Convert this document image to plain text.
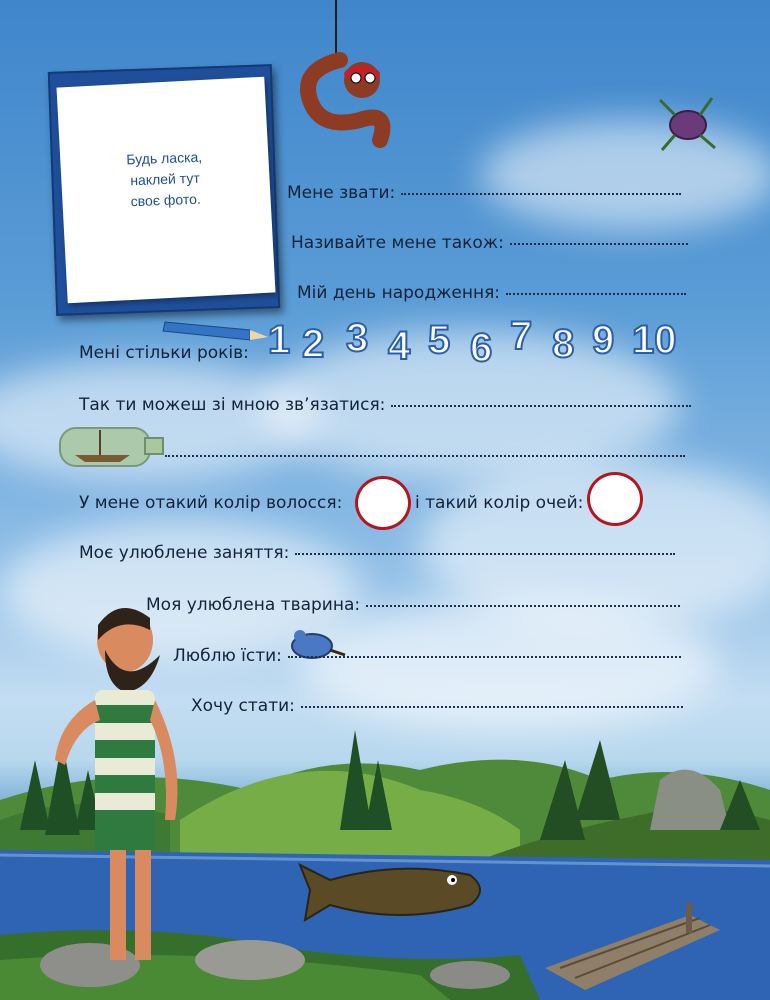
Будь ласка,
наклей тут
своє фото.	Мене звати:
Називайте мене також:
Мій день народження:
Мені стільки років: 1 2 3 4 5 6 7 8 9 10
Так ти можеш зі мною зв’язатися:
У мене отакий колір волосся:	і такий колір очей:
Моє улюблене заняття:
Моя улюблена тварина:
Люблю їсти:
Хочу стати:
